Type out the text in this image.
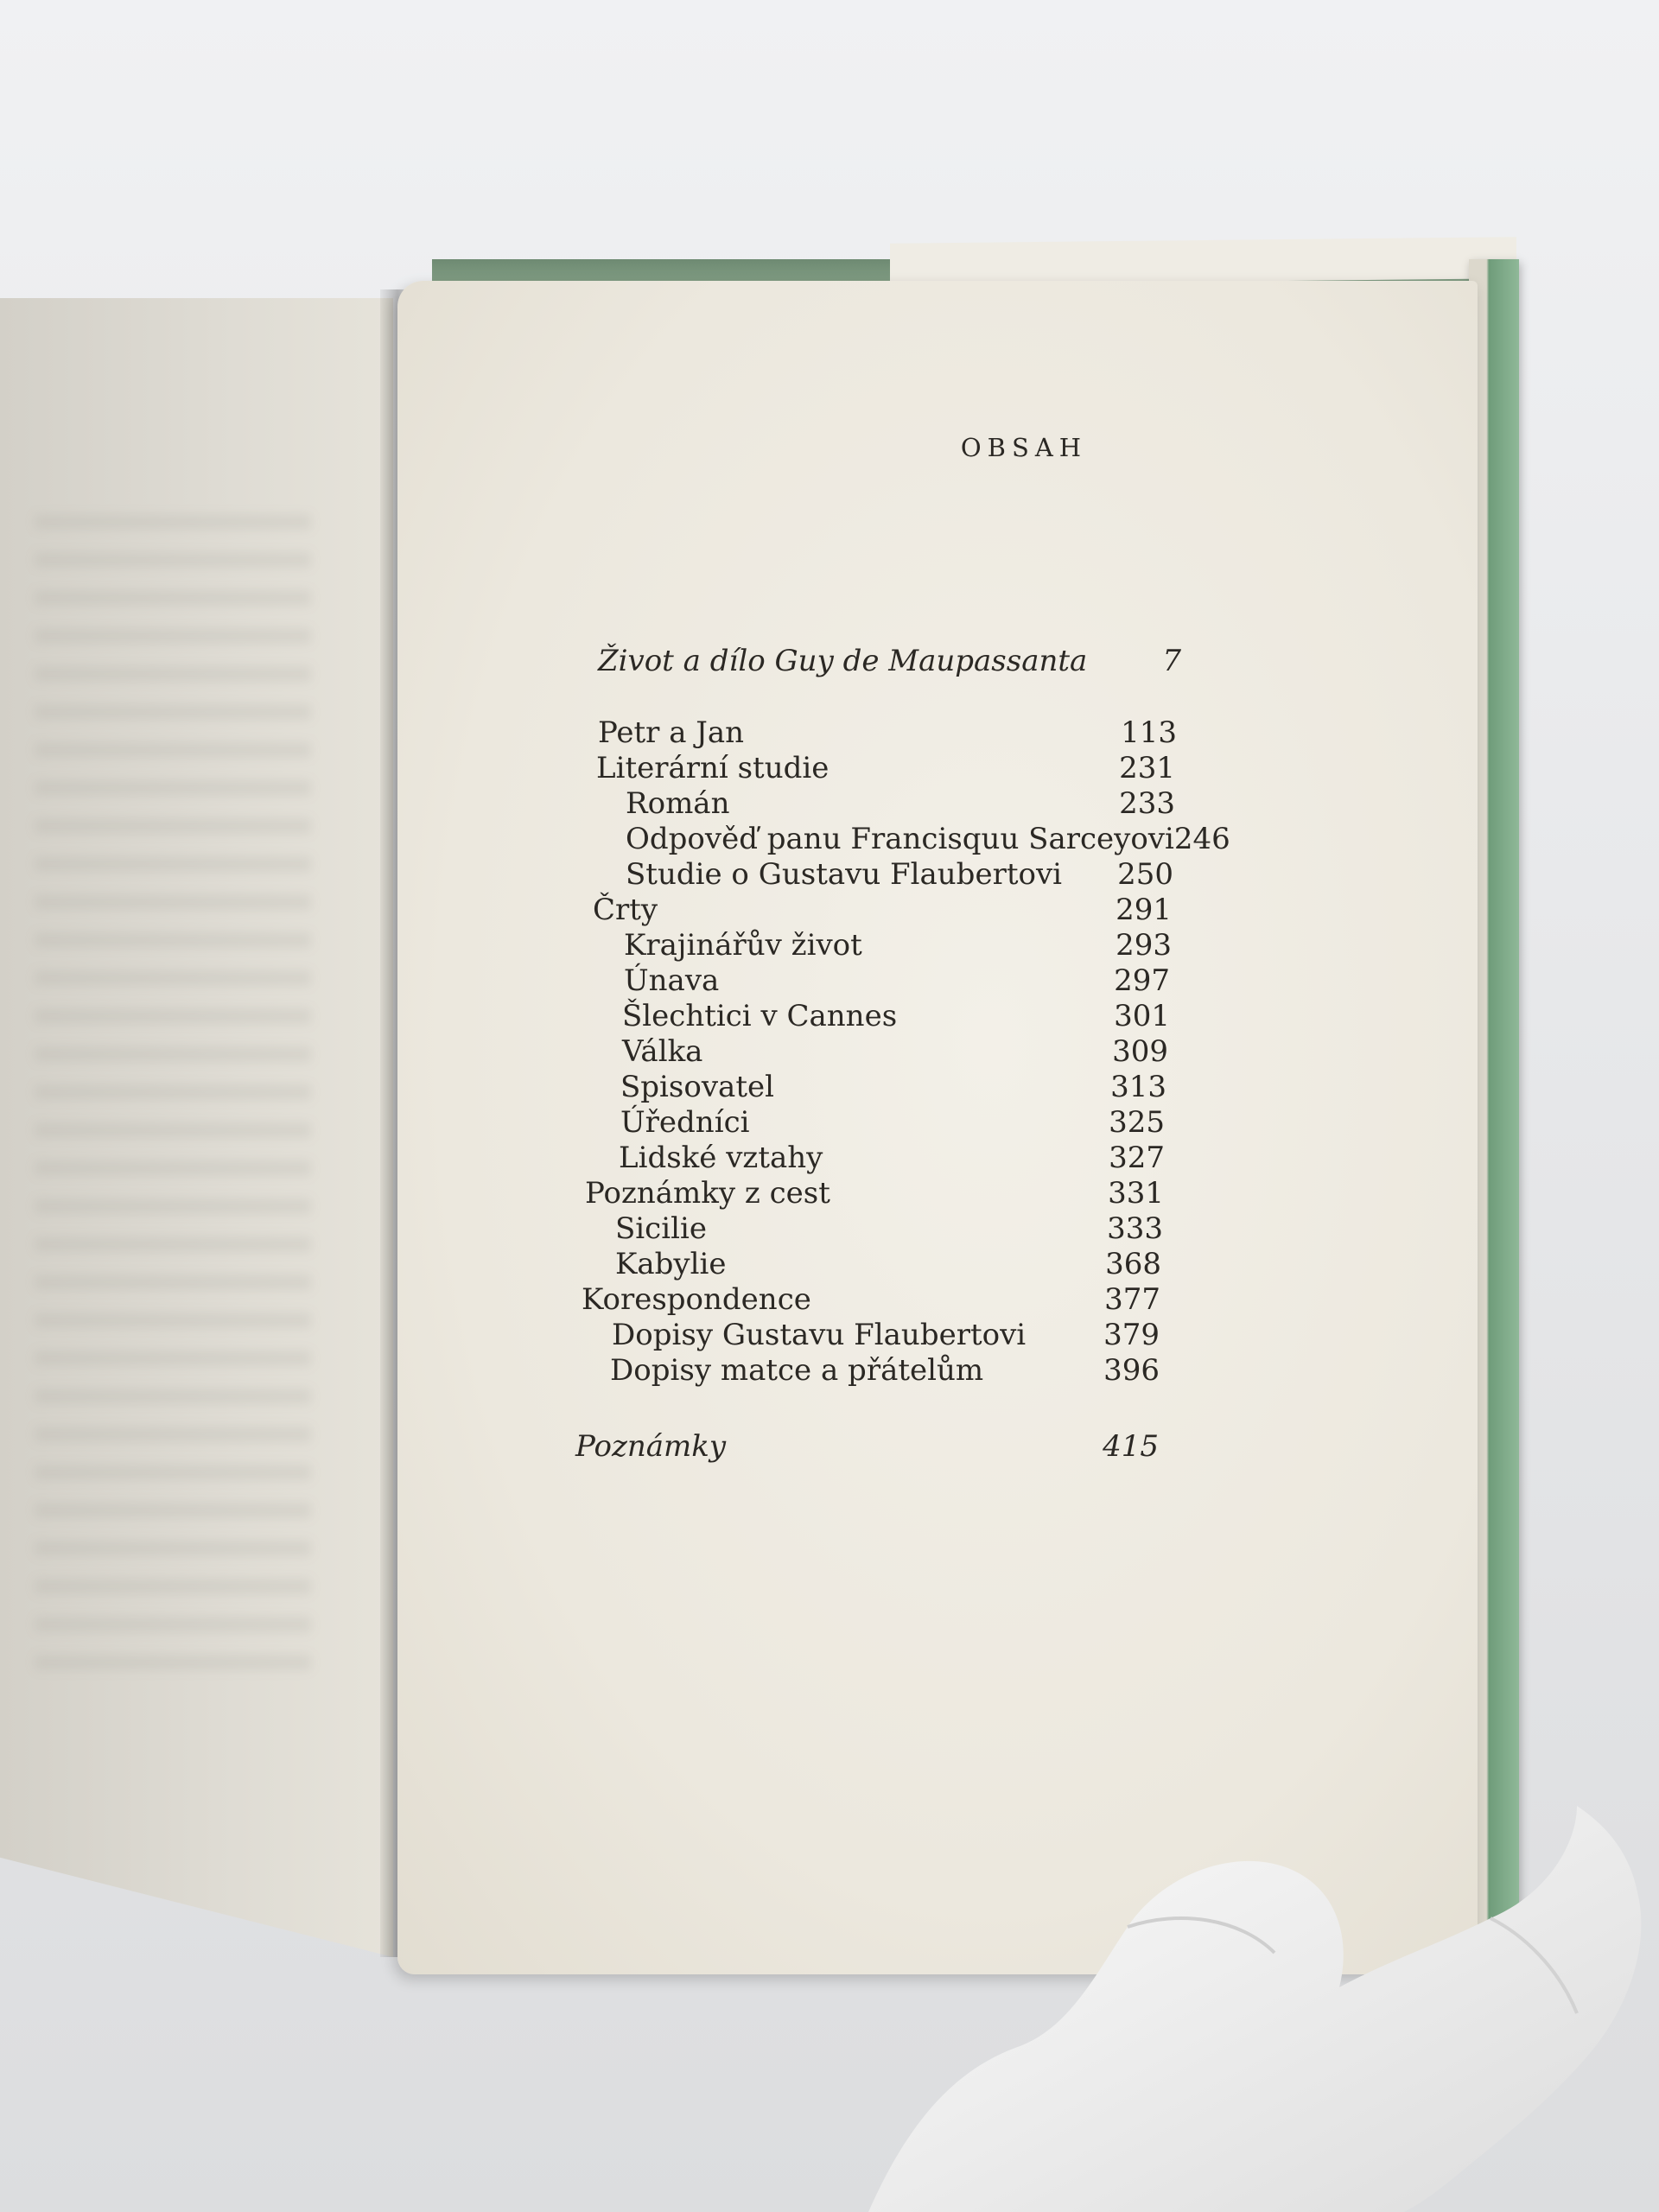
OBSAH
Život a dílo Guy de Maupassanta	7
Petr a Jan	113
Literární studie	231
Román	233
Odpověď panu Francisquu Sarceyovi 246
Studie o Gustavu Flaubertovi 250
Črty	291
Krajinářův život	293
Únava	297
Šlechtici v Cannes	301
Válka	309
Spisovatel	313
Úředníci	325
Lidské vztahy	327
Poznámky z cest	331
Sicilie	333
Kabylie	368
Korespondence	377
Dopisy Gustavu Flaubertovi	379
Dopisy matce a přátelům	396
Poznámky	415
